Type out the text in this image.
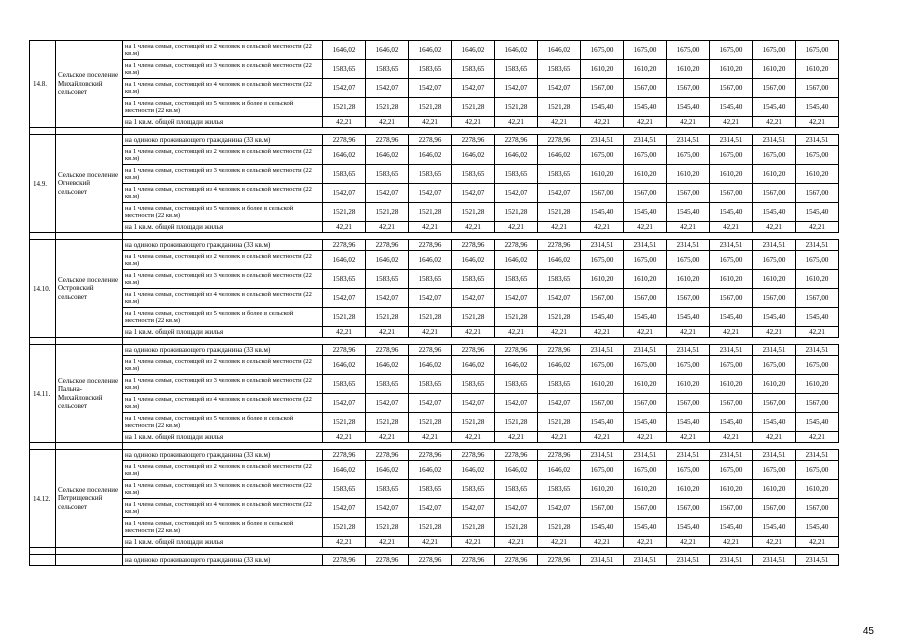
14.8.	Сельское поселение Михайловский сельсовет	на 1 члена семьи, состоящей из 2 человек в сельской местности (22 кв.м)	1646,02	1646,02	1646,02	1646,02	1646,02	1646,02	1675,00	1675,00	1675,00	1675,00	1675,00	1675,00
		на 1 члена семьи, состоящей из 3 человек в сельской местности (22 кв.м)	1583,65	1583,65	1583,65	1583,65	1583,65	1583,65	1610,20	1610,20	1610,20	1610,20	1610,20	1610,20
		на 1 члена семьи, состоящей из 4 человек в сельской местности (22 кв.м)	1542,07	1542,07	1542,07	1542,07	1542,07	1542,07	1567,00	1567,00	1567,00	1567,00	1567,00	1567,00
		на 1 члена семьи, состоящей из 5 человек и более в сельской местности (22 кв.м)	1521,28	1521,28	1521,28	1521,28	1521,28	1521,28	1545,40	1545,40	1545,40	1545,40	1545,40	1545,40
		на 1 кв.м. общей площади жилья	42,21	42,21	42,21	42,21	42,21	42,21	42,21	42,21	42,21	42,21	42,21	42,21

14.9.	Сельское поселение Огневский сельсовет	на одиноко проживающего гражданина (33 кв.м)	2278,96	2278,96	2278,96	2278,96	2278,96	2278,96	2314,51	2314,51	2314,51	2314,51	2314,51	2314,51
		на 1 члена семьи, состоящей из 2 человек в сельской местности (22 кв.м)	1646,02	1646,02	1646,02	1646,02	1646,02	1646,02	1675,00	1675,00	1675,00	1675,00	1675,00	1675,00
		на 1 члена семьи, состоящей из 3 человек в сельской местности (22 кв.м)	1583,65	1583,65	1583,65	1583,65	1583,65	1583,65	1610,20	1610,20	1610,20	1610,20	1610,20	1610,20
		на 1 члена семьи, состоящей из 4 человек в сельской местности (22 кв.м)	1542,07	1542,07	1542,07	1542,07	1542,07	1542,07	1567,00	1567,00	1567,00	1567,00	1567,00	1567,00
		на 1 члена семьи, состоящей из 5 человек и более в сельской местности (22 кв.м)	1521,28	1521,28	1521,28	1521,28	1521,28	1521,28	1545,40	1545,40	1545,40	1545,40	1545,40	1545,40
		на 1 кв.м. общей площади жилья	42,21	42,21	42,21	42,21	42,21	42,21	42,21	42,21	42,21	42,21	42,21	42,21

14.10.	Сельское поселение Островский сельсовет	на одиноко проживающего гражданина (33 кв.м)	2278,96	2278,96	2278,96	2278,96	2278,96	2278,96	2314,51	2314,51	2314,51	2314,51	2314,51	2314,51
		на 1 члена семьи, состоящей из 2 человек в сельской местности (22 кв.м)	1646,02	1646,02	1646,02	1646,02	1646,02	1646,02	1675,00	1675,00	1675,00	1675,00	1675,00	1675,00
		на 1 члена семьи, состоящей из 3 человек в сельской местности (22 кв.м)	1583,65	1583,65	1583,65	1583,65	1583,65	1583,65	1610,20	1610,20	1610,20	1610,20	1610,20	1610,20
		на 1 члена семьи, состоящей из 4 человек в сельской местности (22 кв.м)	1542,07	1542,07	1542,07	1542,07	1542,07	1542,07	1567,00	1567,00	1567,00	1567,00	1567,00	1567,00
		на 1 члена семьи, состоящей из 5 человек и более в сельской местности (22 кв.м)	1521,28	1521,28	1521,28	1521,28	1521,28	1521,28	1545,40	1545,40	1545,40	1545,40	1545,40	1545,40
		на 1 кв.м. общей площади жилья	42,21	42,21	42,21	42,21	42,21	42,21	42,21	42,21	42,21	42,21	42,21	42,21

14.11.	Сельское поселение Пальна-Михайловский сельсовет	на одиноко проживающего гражданина (33 кв.м)	2278,96	2278,96	2278,96	2278,96	2278,96	2278,96	2314,51	2314,51	2314,51	2314,51	2314,51	2314,51
		на 1 члена семьи, состоящей из 2 человек в сельской местности (22 кв.м)	1646,02	1646,02	1646,02	1646,02	1646,02	1646,02	1675,00	1675,00	1675,00	1675,00	1675,00	1675,00
		на 1 члена семьи, состоящей из 3 человек в сельской местности (22 кв.м)	1583,65	1583,65	1583,65	1583,65	1583,65	1583,65	1610,20	1610,20	1610,20	1610,20	1610,20	1610,20
		на 1 члена семьи, состоящей из 4 человек в сельской местности (22 кв.м)	1542,07	1542,07	1542,07	1542,07	1542,07	1542,07	1567,00	1567,00	1567,00	1567,00	1567,00	1567,00
		на 1 члена семьи, состоящей из 5 человек и более в сельской местности (22 кв.м)	1521,28	1521,28	1521,28	1521,28	1521,28	1521,28	1545,40	1545,40	1545,40	1545,40	1545,40	1545,40
		на 1 кв.м. общей площади жилья	42,21	42,21	42,21	42,21	42,21	42,21	42,21	42,21	42,21	42,21	42,21	42,21

14.12.	Сельское поселение Петрищевский сельсовет	на одиноко проживающего гражданина (33 кв.м)	2278,96	2278,96	2278,96	2278,96	2278,96	2278,96	2314,51	2314,51	2314,51	2314,51	2314,51	2314,51
		на 1 члена семьи, состоящей из 2 человек в сельской местности (22 кв.м)	1646,02	1646,02	1646,02	1646,02	1646,02	1646,02	1675,00	1675,00	1675,00	1675,00	1675,00	1675,00
		на 1 члена семьи, состоящей из 3 человек в сельской местности (22 кв.м)	1583,65	1583,65	1583,65	1583,65	1583,65	1583,65	1610,20	1610,20	1610,20	1610,20	1610,20	1610,20
		на 1 члена семьи, состоящей из 4 человек в сельской местности (22 кв.м)	1542,07	1542,07	1542,07	1542,07	1542,07	1542,07	1567,00	1567,00	1567,00	1567,00	1567,00	1567,00
		на 1 члена семьи, состоящей из 5 человек и более в сельской местности (22 кв.м)	1521,28	1521,28	1521,28	1521,28	1521,28	1521,28	1545,40	1545,40	1545,40	1545,40	1545,40	1545,40
		на 1 кв.м. общей площади жилья	42,21	42,21	42,21	42,21	42,21	42,21	42,21	42,21	42,21	42,21	42,21	42,21

		на одиноко проживающего гражданина (33 кв.м)	2278,96	2278,96	2278,96	2278,96	2278,96	2278,96	2314,51	2314,51	2314,51	2314,51	2314,51	2314,51
45
